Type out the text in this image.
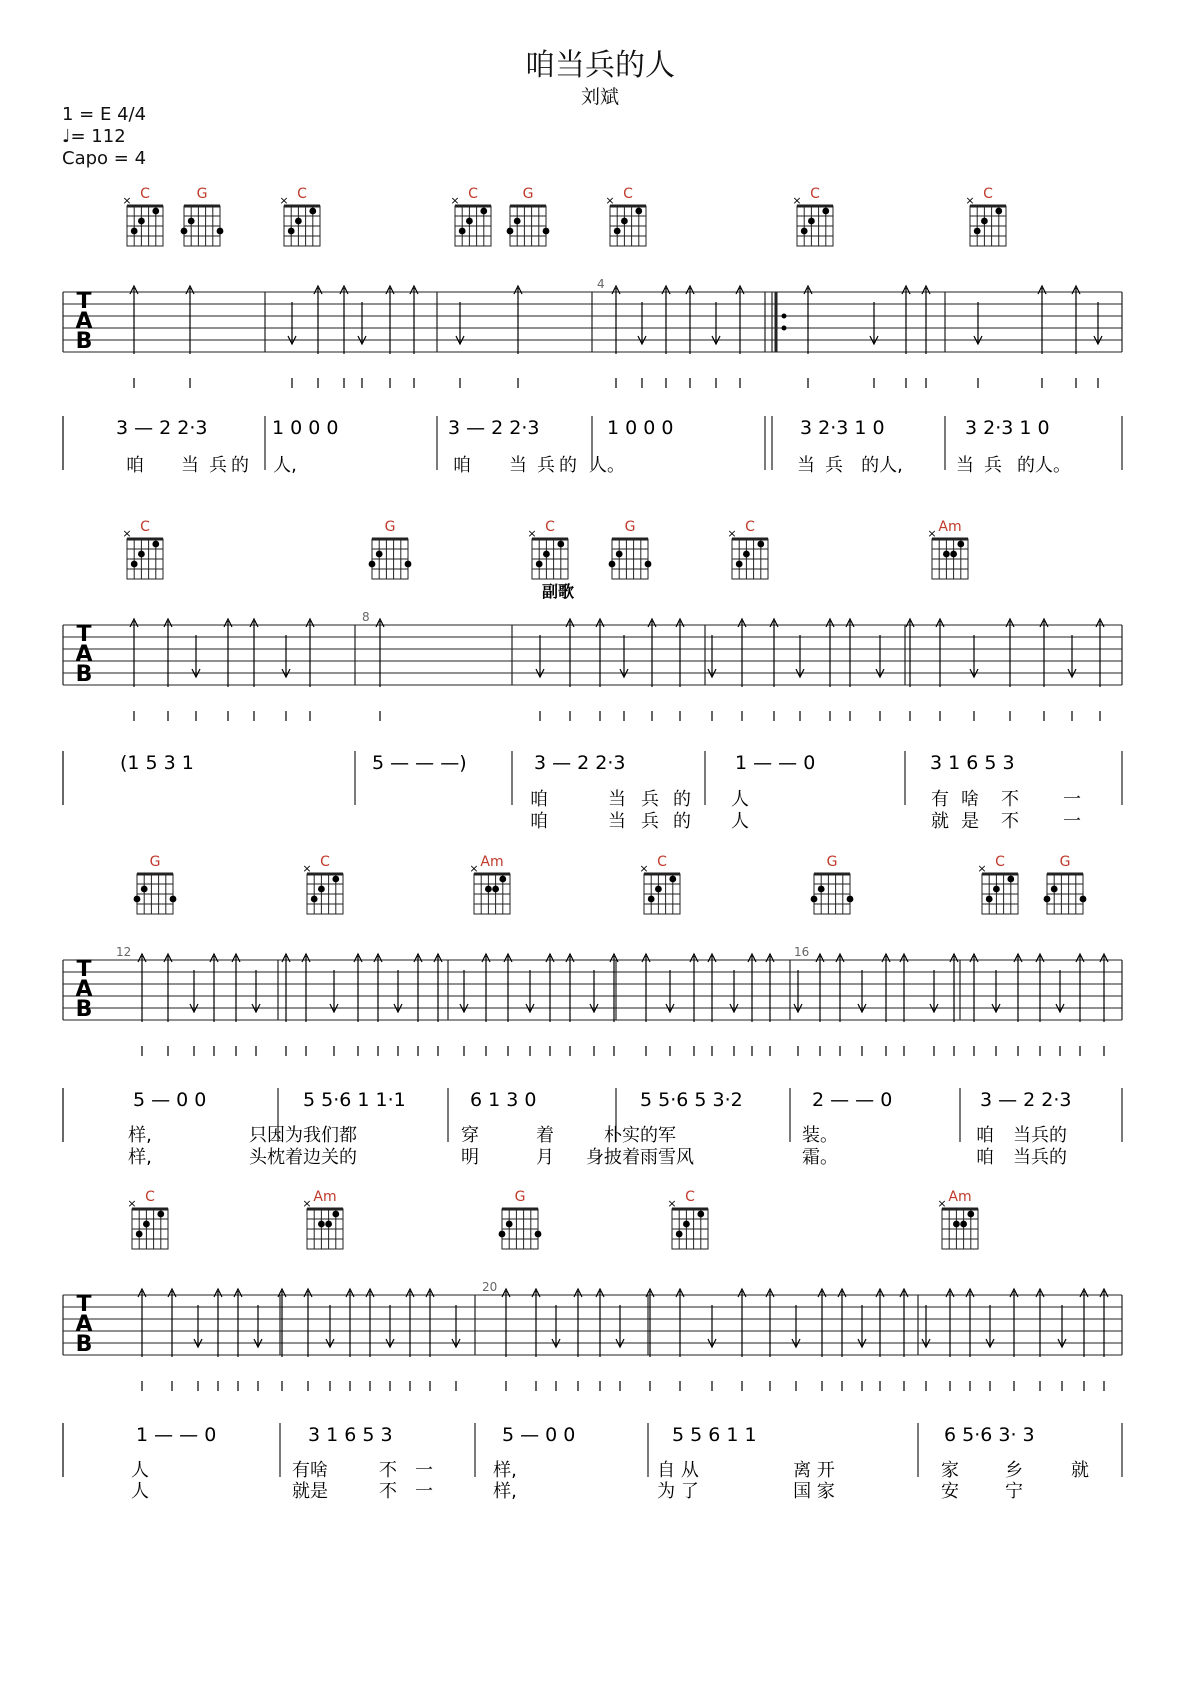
咱当兵的人
刘斌
1 = E 4/4
♩= 112
Capo = 4
T
A
B
4
3 — 2 2·3	1 0 0 0	3 — 2 2·3	1 0 0 0	3 2·3 1 0	3 2·3 1 0
咱 当 兵 的 人,	咱 当 兵 的 人。	当 兵 的人,	当 兵 的人。
C
×	G	C
×	C
×	G	C
×	C
×	C
×
T
A
B
8
(1 5 3 1	5 — — —)	3 — 2 2·3	1 — — 0	3 1 6 5 3
咱	当 兵 的 人	有 啥 不 一
咱	当 兵 的 人	就 是 不 一
副歌
C
×	G	C
×	G	C
×	Am
×
T
A
B
12	16
5 — 0 0	5 5·6 1 1·1	6 1 3 0	5 5·6 5 3·2	2 — — 0	3 — 2 2·3
样,	只因为我们都	穿	着	朴实的军	装。	咱 当兵的
样,	头枕着边关的	明	月 身披着雨雪风	霜。	咱 当兵的
G	C
×	Am
×	C
×	G	C
×	G
T
A
B
20
1 — — 0	3 1 6 5 3	5 — 0 0	5 5 6 1 1	6 5·6 3· 3
人	有啥	不 一	样,	自 从	离 开	家	乡	就
人	就是	不 一	样,	为 了	国 家	安	宁
C
×	Am
×	G	C
×	Am
×
